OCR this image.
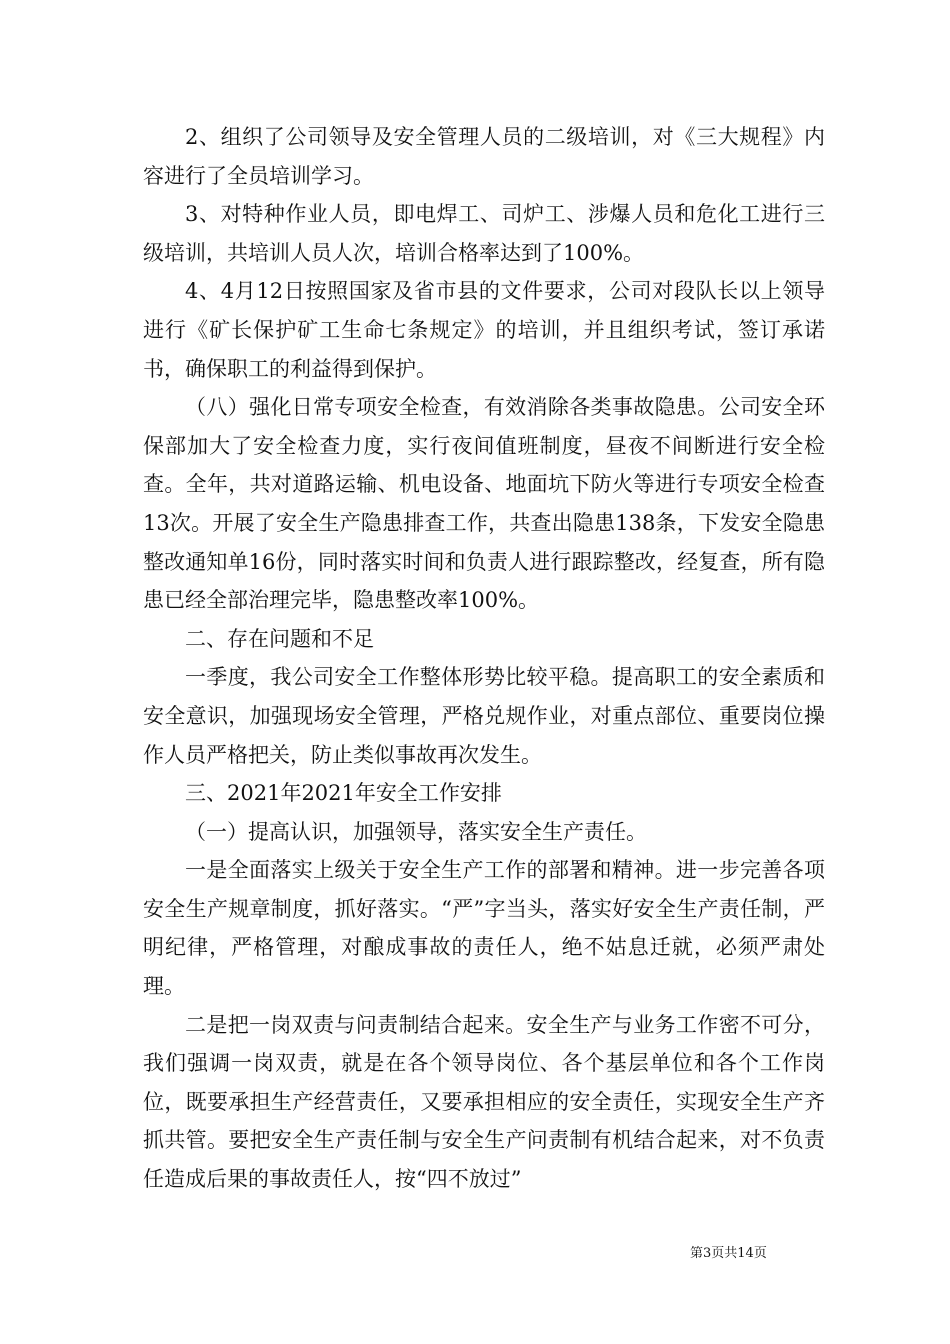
2、组织了公司领导及安全管理人员的二级培训，对《三大规程》内容进行了全员培训学习。

3、对特种作业人员，即电焊工、司炉工、涉爆人员和危化工进行三级培训，共培训人员人次，培训合格率达到了100%。

4、4月12日按照国家及省市县的文件要求，公司对段队长以上领导进行《矿长保护矿工生命七条规定》的培训，并且组织考试，签订承诺书，确保职工的利益得到保护。

（八）强化日常专项安全检查，有效消除各类事故隐患。公司安全环保部加大了安全检查力度，实行夜间值班制度，昼夜不间断进行安全检查。全年，共对道路运输、机电设备、地面坑下防火等进行专项安全检查13次。开展了安全生产隐患排查工作，共查出隐患138条，下发安全隐患整改通知单16份，同时落实时间和负责人进行跟踪整改，经复查，所有隐患已经全部治理完毕，隐患整改率100%。

二、存在问题和不足

一季度，我公司安全工作整体形势比较平稳。提高职工的安全素质和安全意识，加强现场安全管理，严格兑规作业，对重点部位、重要岗位操作人员严格把关，防止类似事故再次发生。

三、2021年2021年安全工作安排

（一）提高认识，加强领导，落实安全生产责任。

一是全面落实上级关于安全生产工作的部署和精神。进一步完善各项安全生产规章制度，抓好落实。“严”字当头，落实好安全生产责任制，严明纪律，严格管理，对酿成事故的责任人，绝不姑息迁就，必须严肃处理。

二是把一岗双责与问责制结合起来。安全生产与业务工作密不可分，我们强调一岗双责，就是在各个领导岗位、各个基层单位和各个工作岗位，既要承担生产经营责任，又要承担相应的安全责任，实现安全生产齐抓共管。要把安全生产责任制与安全生产问责制有机结合起来，对不负责任造成后果的事故责任人，按“四不放过”

第3页共14页
